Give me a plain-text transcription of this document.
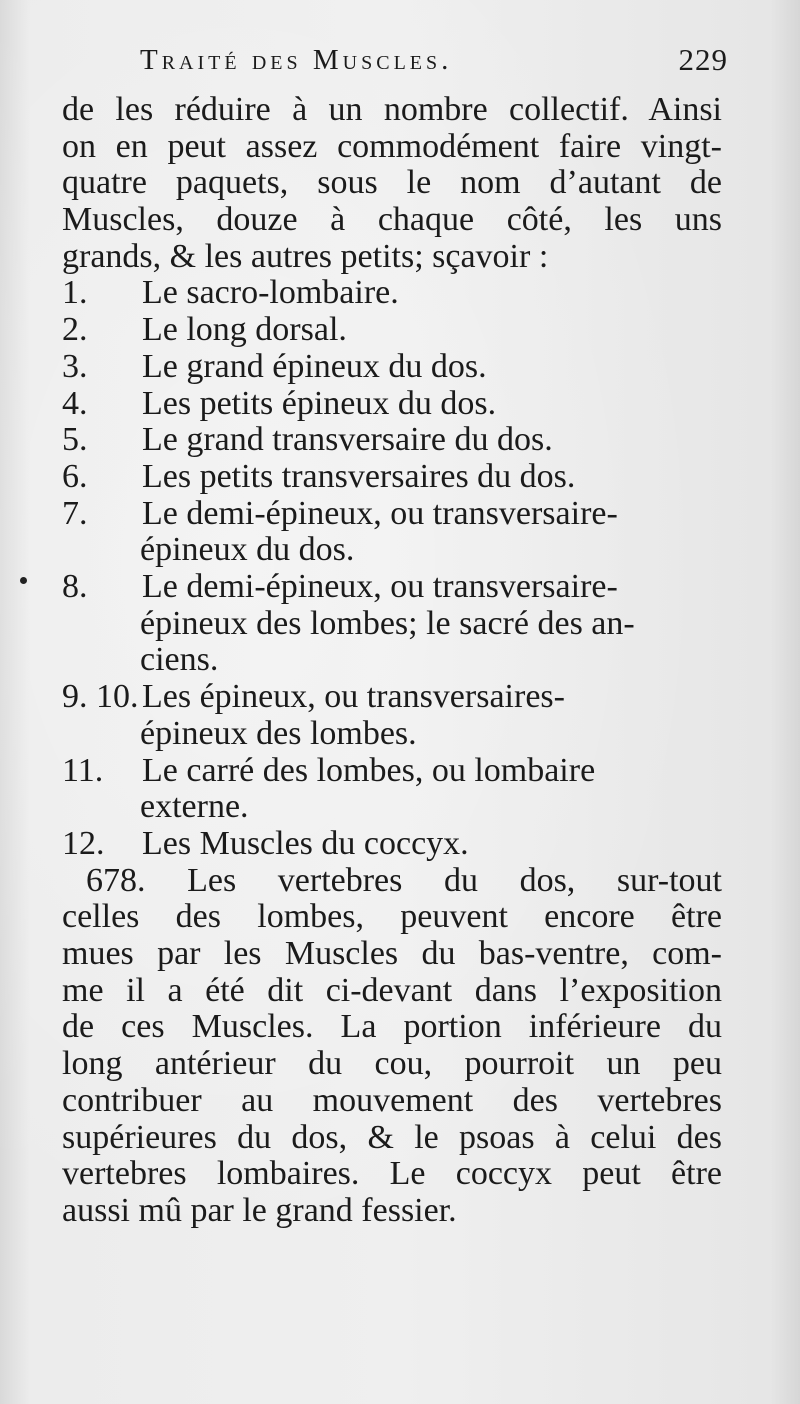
Traité des Muscles.	229
de les réduire à un nombre collectif. Ainsi
on en peut assez commodément faire vingt-
quatre paquets, sous le nom d’autant de
Muscles, douze à chaque côté, les uns
grands, & les autres petits; sçavoir :
1. Le sacro-lombaire.
2. Le long dorsal.
3. Le grand épineux du dos.
4. Les petits épineux du dos.
5. Le grand transversaire du dos.
6. Les petits transversaires du dos.
7. Le demi-épineux, ou transversaire-
épineux du dos.
8. Le demi-épineux, ou transversaire-
épineux des lombes; le sacré des an-
ciens.
9. 10. Les épineux, ou transversaires-
épineux des lombes.
11. Le carré des lombes, ou lombaire
externe.
12. Les Muscles du coccyx.
678. Les vertebres du dos, sur-tout
celles des lombes, peuvent encore être
mues par les Muscles du bas-ventre, com-
me il a été dit ci-devant dans l’exposition
de ces Muscles. La portion inférieure du
long antérieur du cou, pourroit un peu
contribuer au mouvement des vertebres
supérieures du dos, & le psoas à celui des
vertebres lombaires. Le coccyx peut être
aussi mû par le grand fessier.
